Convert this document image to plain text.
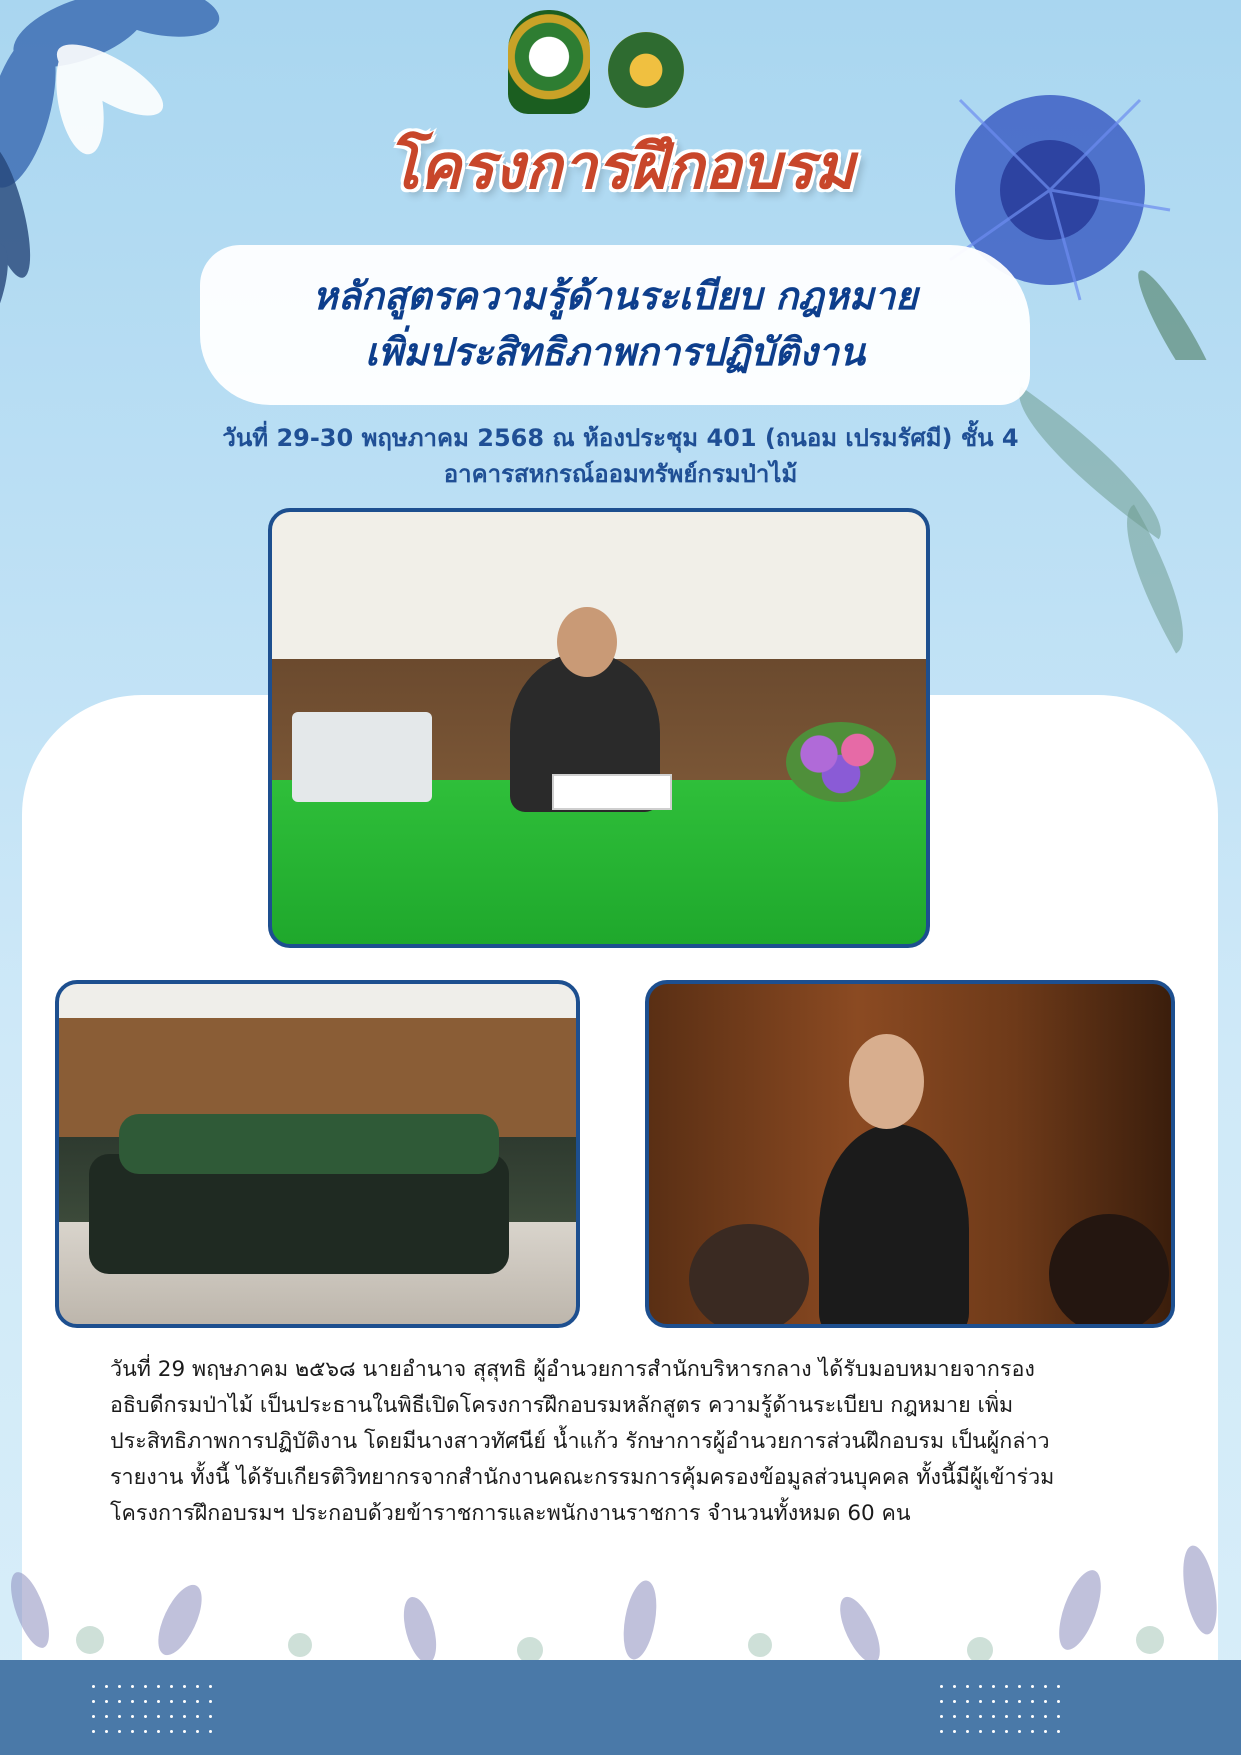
โครงการฝึกอบรม
หลักสูตรความรู้ด้านระเบียบ กฎหมาย
เพิ่มประสิทธิภาพการปฏิบัติงาน
วันที่ 29-30 พฤษภาคม 2568 ณ ห้องประชุม 401 (ถนอม เปรมรัศมี) ชั้น 4
อาคารสหกรณ์ออมทรัพย์กรมป่าไม้

วันที่ 29 พฤษภาคม ๒๕๖๘ นายอำนาจ สุสุทธิ ผู้อำนวยการสำนักบริหารกลาง ได้รับมอบหมายจากรอง

อธิบดีกรมป่าไม้ เป็นประธานในพิธีเปิดโครงการฝึกอบรมหลักสูตร ความรู้ด้านระเบียบ กฎหมาย เพิ่ม

ประสิทธิภาพการปฏิบัติงาน โดยมีนางสาวทัศนีย์ น้ำแก้ว รักษาการผู้อำนวยการส่วนฝึกอบรม เป็นผู้กล่าว

รายงาน ทั้งนี้ ได้รับเกียรติวิทยากรจากสำนักงานคณะกรรมการคุ้มครองข้อมูลส่วนบุคคล ทั้งนี้มีผู้เข้าร่วม

โครงการฝึกอบรมฯ ประกอบด้วยข้าราชการและพนักงานราชการ จำนวนทั้งหมด 60 คน
